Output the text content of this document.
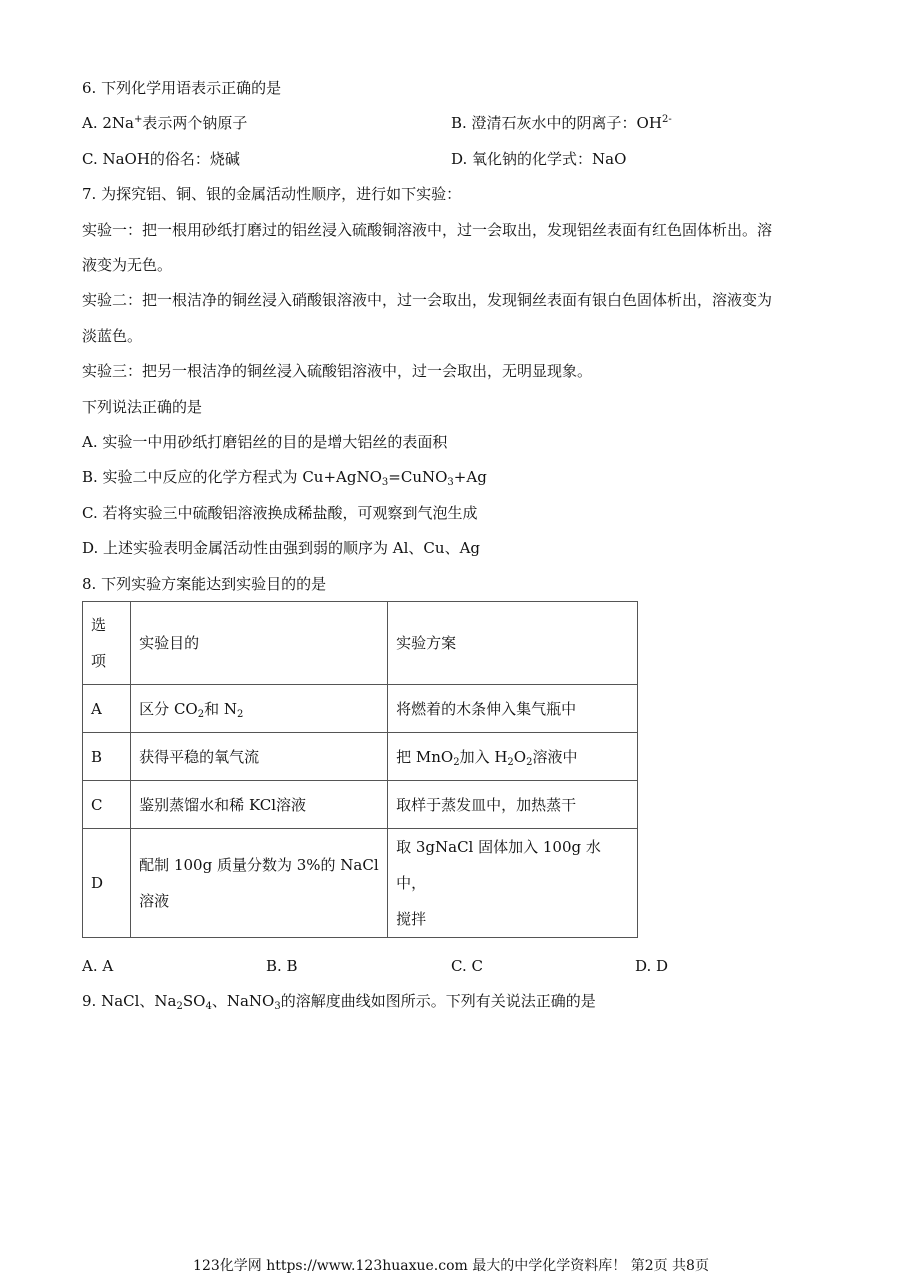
6. 下列化学用语表示正确的是
A. 2Na+表示两个钠原子	B. 澄清石灰水中的阴离子：$OH^{2-}$
C. NaOH的俗名：烧碱	D. 氧化钠的化学式：NaO
7. 为探究铝、铜、银的金属活动性顺序，进行如下实验：
实验一：把一根用砂纸打磨过的铝丝浸入硫酸铜溶液中，过一会取出，发现铝丝表面有红色固体析出。溶
液变为无色。
实验二：把一根洁净的铜丝浸入硝酸银溶液中，过一会取出，发现铜丝表面有银白色固体析出，溶液变为
淡蓝色。
实验三：把另一根洁净的铜丝浸入硫酸铝溶液中，过一会取出，无明显现象。
下列说法正确的是
A. 实验一中用砂纸打磨铝丝的目的是增大铝丝的表面积
B. 实验二中反应的化学方程式为 Cu+AgNO$_3$=CuNO$_3$+Ag
C. 若将实验三中硫酸铝溶液换成稀盐酸，可观察到气泡生成
D. 上述实验表明金属活动性由强到弱的顺序为 Al、Cu、Ag
8. 下列实验方案能达到实验目的的是
选
项	实验目的	实验方案
A	区分 $CO_2$和 $N_2$	将燃着的木条伸入集气瓶中
B	获得平稳的氧气流	把 MnO$_2$加入 $H_2O_2$溶液中
C	鉴别蒸馏水和稀 KCl溶液	取样于蒸发皿中，加热蒸干
D	配制 100g 质量分数为 3%的 NaCl
溶液	取 3gNaCl 固体加入 100g 水中，
搅拌
A. A	B. B	C. C	D. D
9. NaCl、$Na_2SO_4$、NaNO$_3$的溶解度曲线如图所示。下列有关说法正确的是
123化学网 https://www.123huaxue.com 最大的中学化学资料库！ 第2页 共8页
